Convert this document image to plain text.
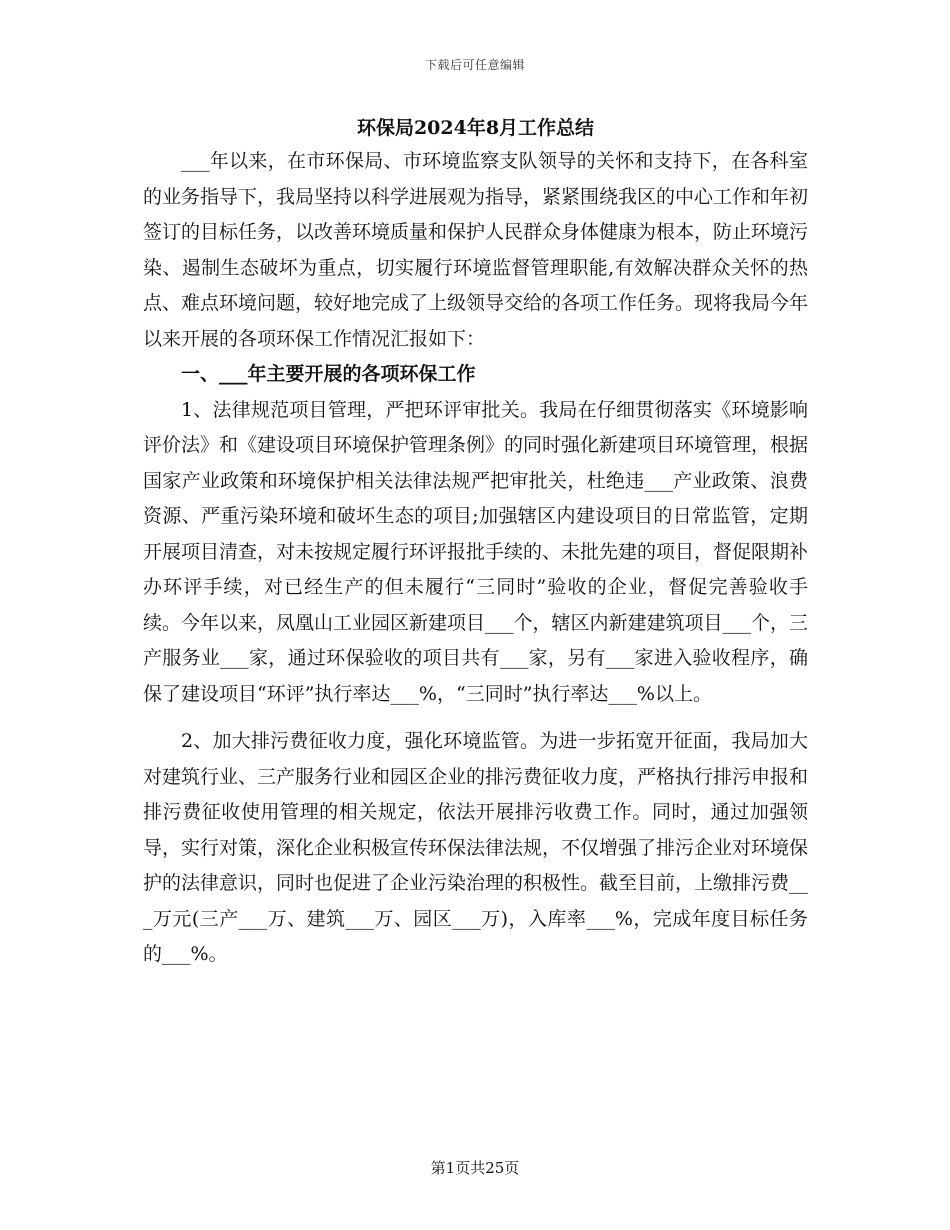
下载后可任意编辑
环保局2024年8月工作总结

___年以来，在市环保局、市环境监察支队领导的关怀和支持下，在各科室的业务指导下，我局坚持以科学进展观为指导，紧紧围绕我区的中心工作和年初签订的目标任务，以改善环境质量和保护人民群众身体健康为根本，防止环境污染、遏制生态破坏为重点，切实履行环境监督管理职能,有效解决群众关怀的热点、难点环境问题，较好地完成了上级领导交给的各项工作任务。现将我局今年以来开展的各项环保工作情况汇报如下：

一、___年主要开展的各项环保工作

1、法律规范项目管理，严把环评审批关。我局在仔细贯彻落实《环境影响评价法》和《建设项目环境保护管理条例》的同时强化新建项目环境管理，根据国家产业政策和环境保护相关法律法规严把审批关，杜绝违___产业政策、浪费资源、严重污染环境和破坏生态的项目;加强辖区内建设项目的日常监管，定期开展项目清查，对未按规定履行环评报批手续的、未批先建的项目，督促限期补办环评手续，对已经生产的但未履行“三同时”验收的企业，督促完善验收手续。今年以来，凤凰山工业园区新建项目___个，辖区内新建建筑项目___个，三产服务业___家，通过环保验收的项目共有___家，另有___家进入验收程序，确保了建设项目“环评”执行率达___%，“三同时”执行率达___%以上。

2、加大排污费征收力度，强化环境监管。为进一步拓宽开征面，我局加大对建筑行业、三产服务行业和园区企业的排污费征收力度，严格执行排污申报和排污费征收使用管理的相关规定，依法开展排污收费工作。同时，通过加强领导，实行对策，深化企业积极宣传环保法律法规，不仅增强了排污企业对环境保护的法律意识，同时也促进了企业污染治理的积极性。截至目前，上缴排污费___万元(三产___万、建筑___万、园区___万)，入库率___%，完成年度目标任务的___%。

第1页共25页
